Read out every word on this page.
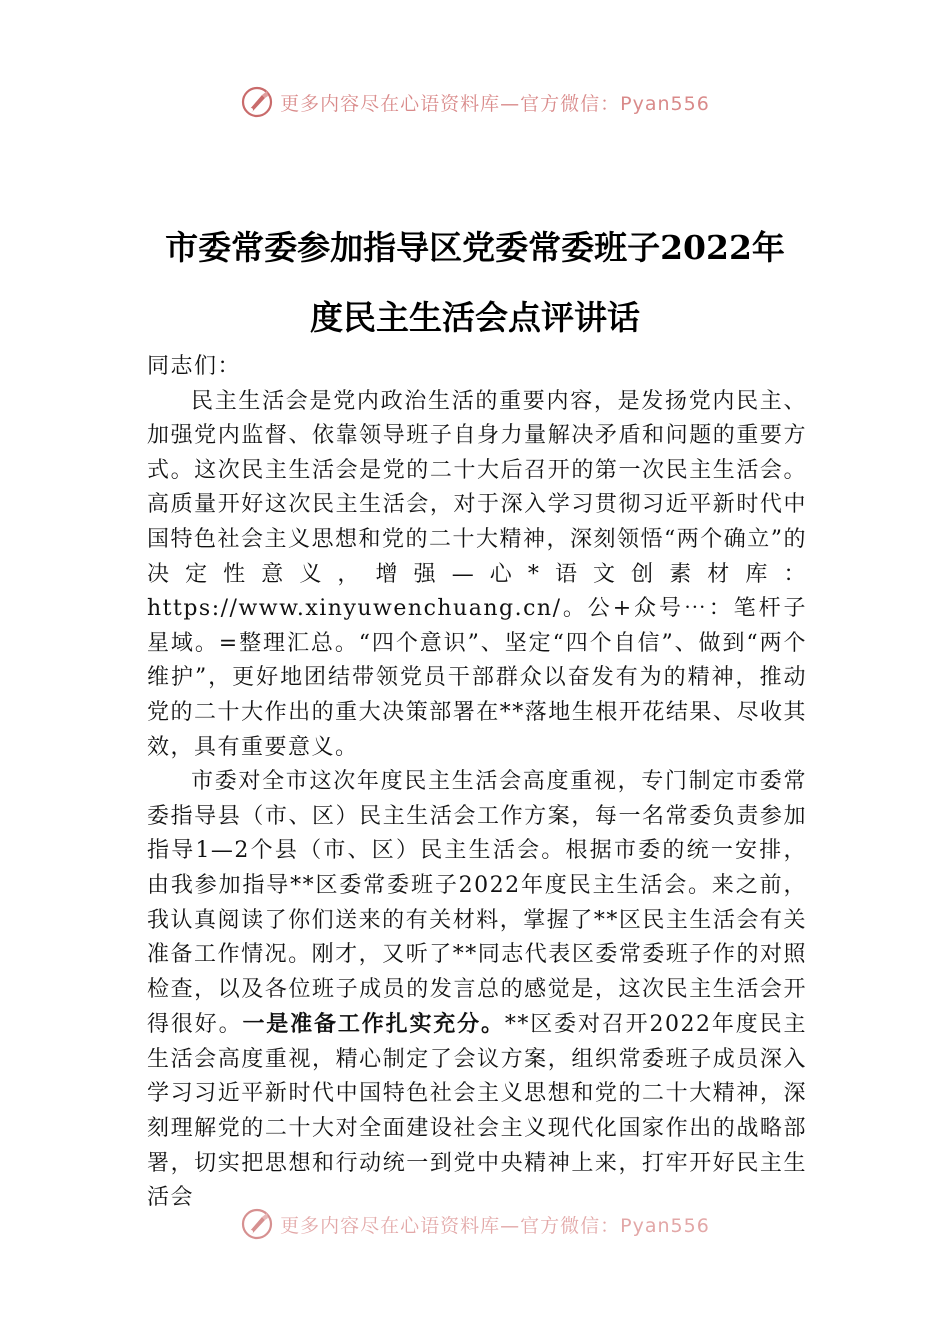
更多内容尽在心语资料库—官方微信：Pyan556
市委常委参加指导区党委常委班子2022年
度民主生活会点评讲话

同志们：

民主生活会是党内政治生活的重要内容，是发扬党内民主、加强党内监督、依靠领导班子自身力量解决矛盾和问题的重要方式。这次民主生活会是党的二十大后召开的第一次民主生活会。高质量开好这次民主生活会，对于深入学习贯彻习近平新时代中国特色社会主义思想和党的二十大精神，深刻领悟“两个确立”的决定性意义，增强—心*语文创素材库：https://www.xinyuwenchuang.cn/。公+众号⋯：笔杆子星域。=整理汇总。“四个意识”、坚定“四个自信”、做到“两个维护”，更好地团结带领党员干部群众以奋发有为的精神，推动党的二十大作出的重大决策部署在**落地生根开花结果、尽收其效，具有重要意义。

市委对全市这次年度民主生活会高度重视，专门制定市委常委指导县（市、区）民主生活会工作方案，每一名常委负责参加指导1—2个县（市、区）民主生活会。根据市委的统一安排，由我参加指导**区委常委班子2022年度民主生活会。来之前，我认真阅读了你们送来的有关材料，掌握了**区民主生活会有关准备工作情况。刚才，又听了**同志代表区委常委班子作的对照检查，以及各位班子成员的发言总的感觉是，这次民主生活会开得很好。一是准备工作扎实充分。**区委对召开2022年度民主生活会高度重视，精心制定了会议方案，组织常委班子成员深入学习习近平新时代中国特色社会主义思想和党的二十大精神，深刻理解党的二十大对全面建设社会主义现代化国家作出的战略部署，切实把思想和行动统一到党中央精神上来，打牢开好民主生活会

更多内容尽在心语资料库—官方微信：Pyan556
